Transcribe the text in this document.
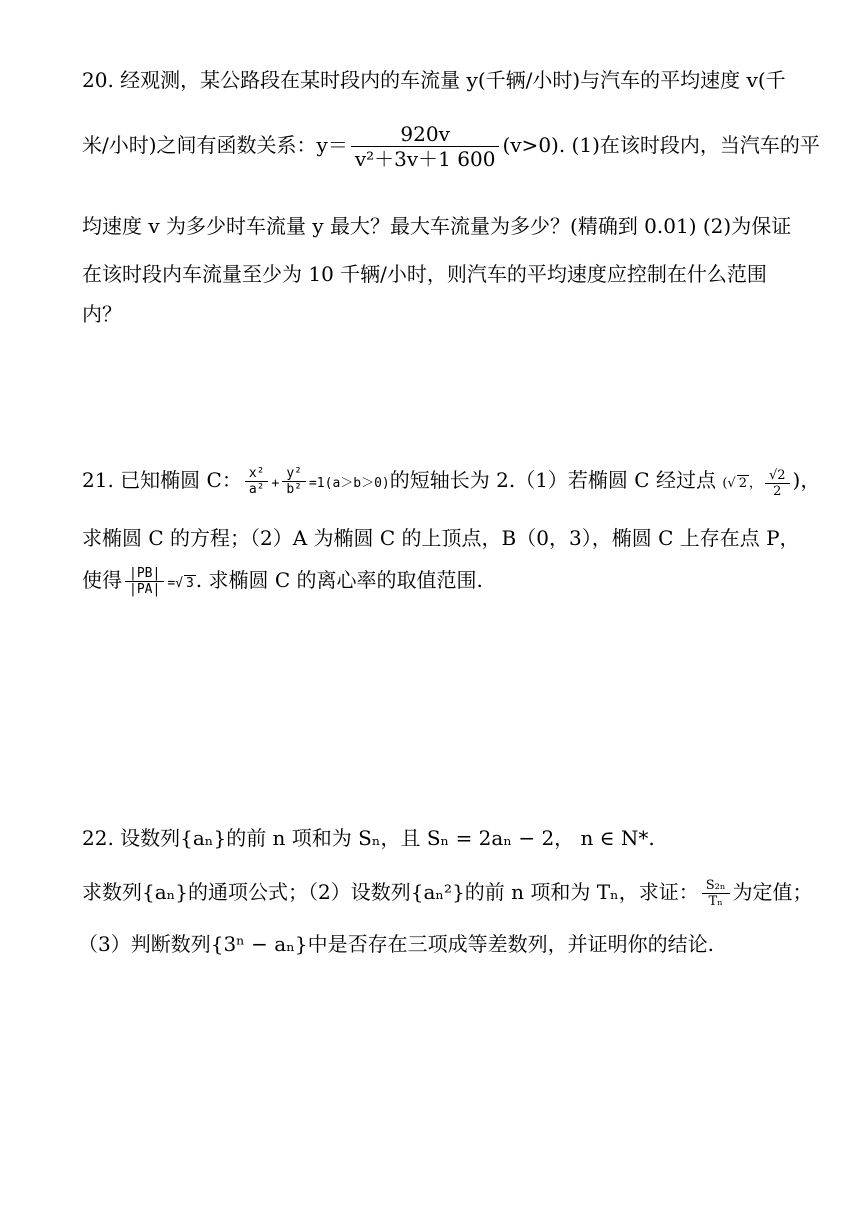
20. 经观测，某公路段在某时段内的车流量 y(千辆/小时)与汽车的平均速度 v(千
米/小时)之间有函数关系：$y= \frac{920v}{\text{v²＋3v＋1 600}} (v>0)$. (1)在该时段内，当汽车的平
均速度 v 为多少时车流量 y 最大？最大车流量为多少？(精确到 0.01) (2)为保证
在该时段内车流量至少为 10 千辆/小时，则汽车的平均速度应控制在什么范围
内？
21. 已知椭圆 C： $\frac{\text{x²}}{\text{a²}} + \frac{\text{y²}}{\text{b²}} =1(a>b>0)$的短轴长为 2.（1）若椭圆 C 经过点 (√ 2 ， $\frac{√2}{2}$ )，
求椭圆 C 的方程；（2）A 为椭圆 C 的上顶点，B（0，3），椭圆 C 上存在点 P，
使得 $\frac{|PB|}{|PA|}$ =√ 3 . 求椭圆 C 的离心率的取值范围.
22. 设数列{aₙ}的前 n 项和为 Sₙ，且 Sₙ = 2aₙ − 2， n ∈ N*.
求数列{aₙ}的通项公式；（2）设数列{aₙ²}的前 n 项和为 Tₙ，求证： $\frac{\text{S₂ₙ}}{\text{Tₙ}}$ 为定值；
（3）判断数列{3ⁿ − aₙ}中是否存在三项成等差数列，并证明你的结论.
